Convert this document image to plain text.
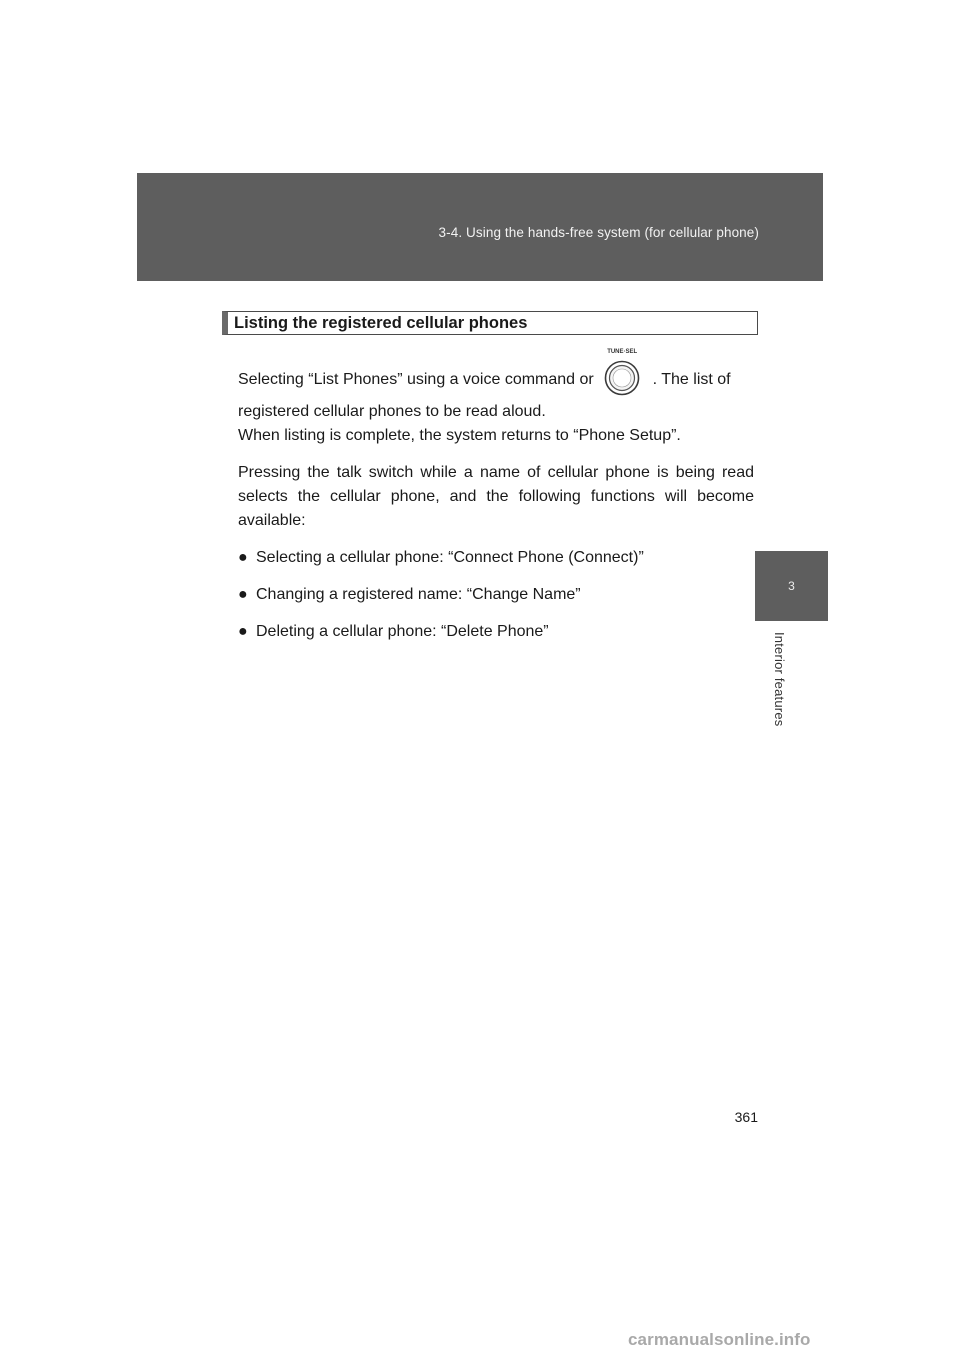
3-4. Using the hands-free system (for cellular phone)
3
Interior features
Listing the registered cellular phones
Selecting “List Phones” using a voice command or
TUNE·SEL
. The list of
registered cellular phones to be read aloud.
When listing is complete, the system returns to “Phone Setup”.

Pressing the talk switch while a name of cellular phone is being read selects the cellular phone, and the following functions will become available:

● Selecting a cellular phone: “Connect Phone (Connect)”
● Changing a registered name: “Change Name”
● Deleting a cellular phone: “Delete Phone”
361
carmanualsonline.info
